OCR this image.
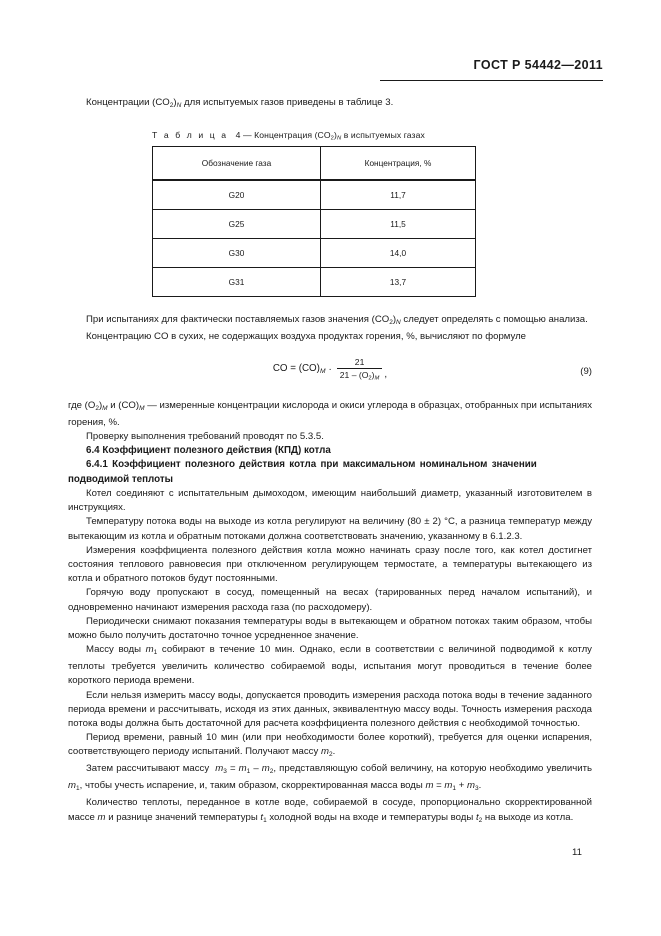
ГОСТ Р 54442—2011

Концентрации $(CO_2)_N$ для испытуемых газов приведены в таблице 3.

Т а б л и ц а 4 — Концентрация $(CO_2)_N$ в испытуемых газах
Обозначение газа	Концентрация, %
G20	11,7
G25	11,5
G30	14,0
G31	13,7

При испытаниях для фактически поставляемых газов значения $(CO_2)_N$ следует определять с помощью анализа.

Концентрацию CO в сухих, не содержащих воздуха продуктах горения, %, вычисляют по формуле

CO = $(CO)_M \cdot \frac{21}{21 - (O_2)_M}$ ,	(9)

где $(O_2)_M$ и $(CO)_M$ — измеренные концентрации кислорода и окиси углерода в образцах, отобранных при испытаниях горения, %.

Проверку выполнения требований проводят по 5.3.5.

6.4 Коэффициент полезного действия (КПД) котла
6.4.1 Коэффициент полезного действия котла при максимальном номинальном значении
подводимой теплоты

Котел соединяют с испытательным дымоходом, имеющим наибольший диаметр, указанный изготовителем в инструкциях.

Температуру потока воды на выходе из котла регулируют на величину (80 ± 2) °C, а разница температур между вытекающим из котла и обратным потоками должна соответствовать значению, указанному в 6.1.2.3.

Измерения коэффициента полезного действия котла можно начинать сразу после того, как котел достигнет состояния теплового равновесия при отключенном регулирующем термостате, а температуры вытекающего из котла и обратного потоков будут постоянными.

Горячую воду пропускают в сосуд, помещенный на весах (тарированных перед началом испытаний), и одновременно начинают измерения расхода газа (по расходомеру).

Периодически снимают показания температуры воды в вытекающем и обратном потоках таким образом, чтобы можно было получить достаточно точное усредненное значение.

Массу воды $m_1$ собирают в течение 10 мин. Однако, если в соответствии с величиной подводимой к котлу теплоты требуется увеличить количество собираемой воды, испытания могут проводиться в течение более короткого периода времени.

Если нельзя измерить массу воды, допускается проводить измерения расхода потока воды в течение заданного периода времени и рассчитывать, исходя из этих данных, эквивалентную массу воды. Точность измерения расхода потока воды должна быть достаточной для расчета коэффициента полезного действия с необходимой точностью.

Период времени, равный 10 мин (или при необходимости более короткий), требуется для оценки испарения, соответствующего периоду испытаний. Получают массу $m_2$.

Затем рассчитывают массу $m_3 = m_1 - m_2$, представляющую собой величину, на которую необходимо увеличить $m_1$, чтобы учесть испарение, и, таким образом, скорректированная масса воды $m = m_1 + m_3$.

Количество теплоты, переданное в котле воде, собираемой в сосуде, пропорционально скорректированной массе m и разнице значений температуры $t_1$ холодной воды на входе и температуры воды $t_2$ на выходе из котла.

11
